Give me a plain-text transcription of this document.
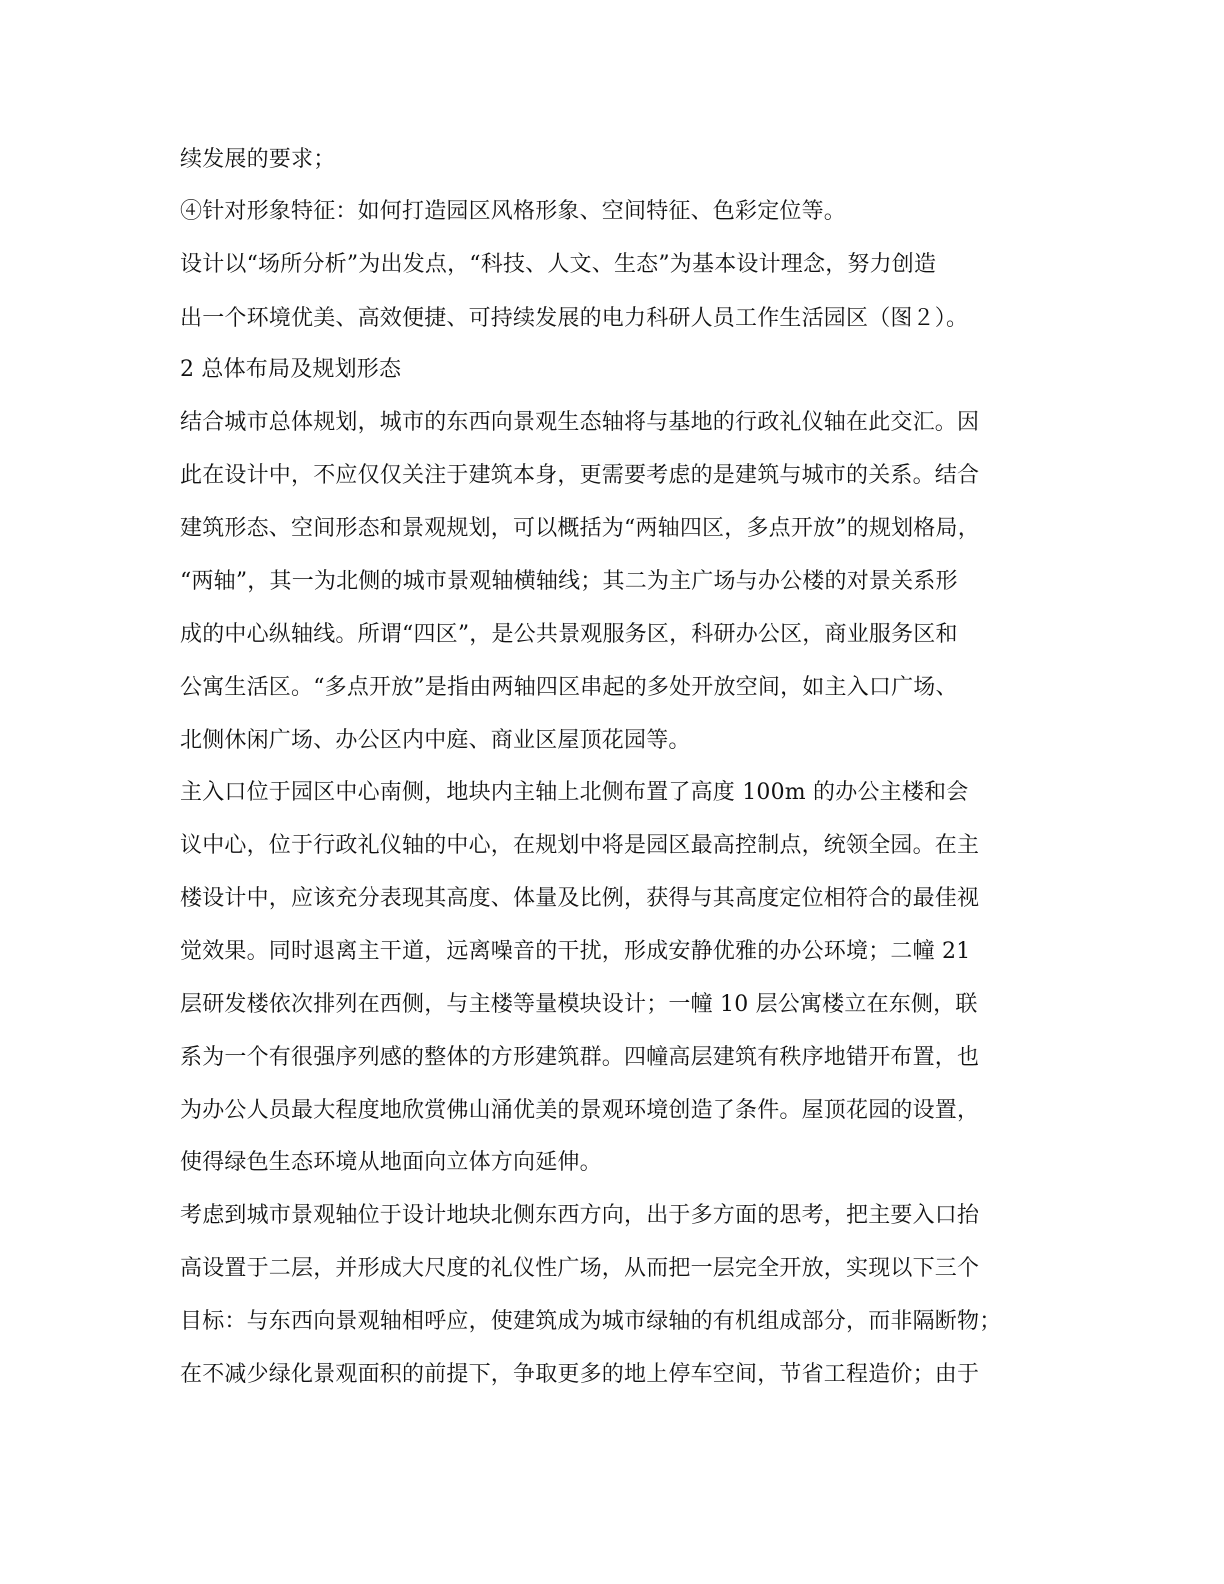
续发展的要求；
④针对形象特征：如何打造园区风格形象、空间特征、色彩定位等。
设计以“场所分析”为出发点，“科技、人文、生态”为基本设计理念，努力创造
出一个环境优美、高效便捷、可持续发展的电力科研人员工作生活园区（图２）。
2 总体布局及规划形态
结合城市总体规划，城市的东西向景观生态轴将与基地的行政礼仪轴在此交汇。因
此在设计中，不应仅仅关注于建筑本身，更需要考虑的是建筑与城市的关系。结合
建筑形态、空间形态和景观规划，可以概括为“两轴四区，多点开放”的规划格局，
“两轴”，其一为北侧的城市景观轴横轴线；其二为主广场与办公楼的对景关系形
成的中心纵轴线。所谓“四区”，是公共景观服务区，科研办公区，商业服务区和
公寓生活区。“多点开放”是指由两轴四区串起的多处开放空间，如主入口广场、
北侧休闲广场、办公区内中庭、商业区屋顶花园等。
主入口位于园区中心南侧，地块内主轴上北侧布置了高度 100m 的办公主楼和会
议中心，位于行政礼仪轴的中心，在规划中将是园区最高控制点，统领全园。在主
楼设计中，应该充分表现其高度、体量及比例，获得与其高度定位相符合的最佳视
觉效果。同时退离主干道，远离噪音的干扰，形成安静优雅的办公环境；二幢 21
层研发楼依次排列在西侧，与主楼等量模块设计；一幢 10 层公寓楼立在东侧，联
系为一个有很强序列感的整体的方形建筑群。四幢高层建筑有秩序地错开布置，也
为办公人员最大程度地欣赏佛山涌优美的景观环境创造了条件。屋顶花园的设置，
使得绿色生态环境从地面向立体方向延伸。
考虑到城市景观轴位于设计地块北侧东西方向，出于多方面的思考，把主要入口抬
高设置于二层，并形成大尺度的礼仪性广场，从而把一层完全开放，实现以下三个
目标：与东西向景观轴相呼应，使建筑成为城市绿轴的有机组成部分，而非隔断物；
在不减少绿化景观面积的前提下，争取更多的地上停车空间，节省工程造价；由于
